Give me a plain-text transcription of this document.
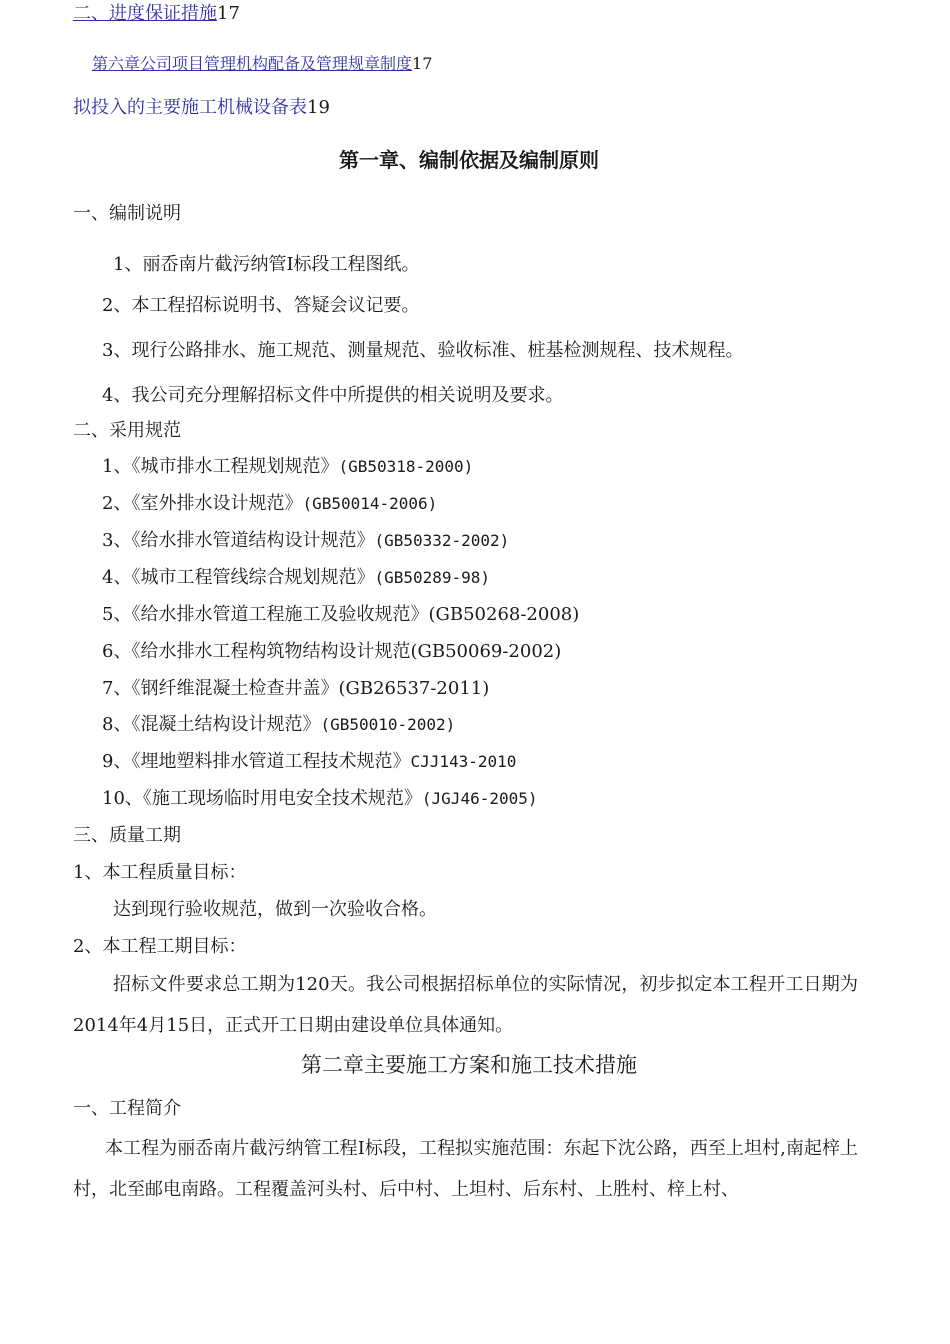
二、进度保证措施17
第六章公司项目管理机构配备及管理规章制度17
拟投入的主要施工机械设备表19
第一章、编制依据及编制原则
一、编制说明
1、丽岙南片截污纳管Ⅰ标段工程图纸。
2、本工程招标说明书、答疑会议记要。
3、现行公路排水、施工规范、测量规范、验收标准、桩基检测规程、技术规程。
4、我公司充分理解招标文件中所提供的相关说明及要求。
二、采用规范
1、《城市排水工程规划规范》(GB50318-2000)
2、《室外排水设计规范》(GB50014-2006)
3、《给水排水管道结构设计规范》(GB50332-2002)
4、《城市工程管线综合规划规范》(GB50289-98)
5、《给水排水管道工程施工及验收规范》(GB50268-2008)
6、《给水排水工程构筑物结构设计规范(GB50069-2002)
7、《钢纤维混凝土检查井盖》(GB26537-2011)
8、《混凝土结构设计规范》(GB50010-2002)
9、《埋地塑料排水管道工程技术规范》CJJ143-2010
10、《施工现场临时用电安全技术规范》(JGJ46-2005)
三、质量工期
1、本工程质量目标：
达到现行验收规范，做到一次验收合格。
2、本工程工期目标：
招标文件要求总工期为120天。我公司根据招标单位的实际情况，初步拟定本工程开工日期为2014年4月15日，正式开工日期由建设单位具体通知。
第二章主要施工方案和施工技术措施
一、工程简介
本工程为丽岙南片截污纳管工程Ⅰ标段，工程拟实施范围：东起下沈公路，西至上坦村,南起梓上村，北至邮电南路。工程覆盖河头村、后中村、上坦村、后东村、上胜村、梓上村、
